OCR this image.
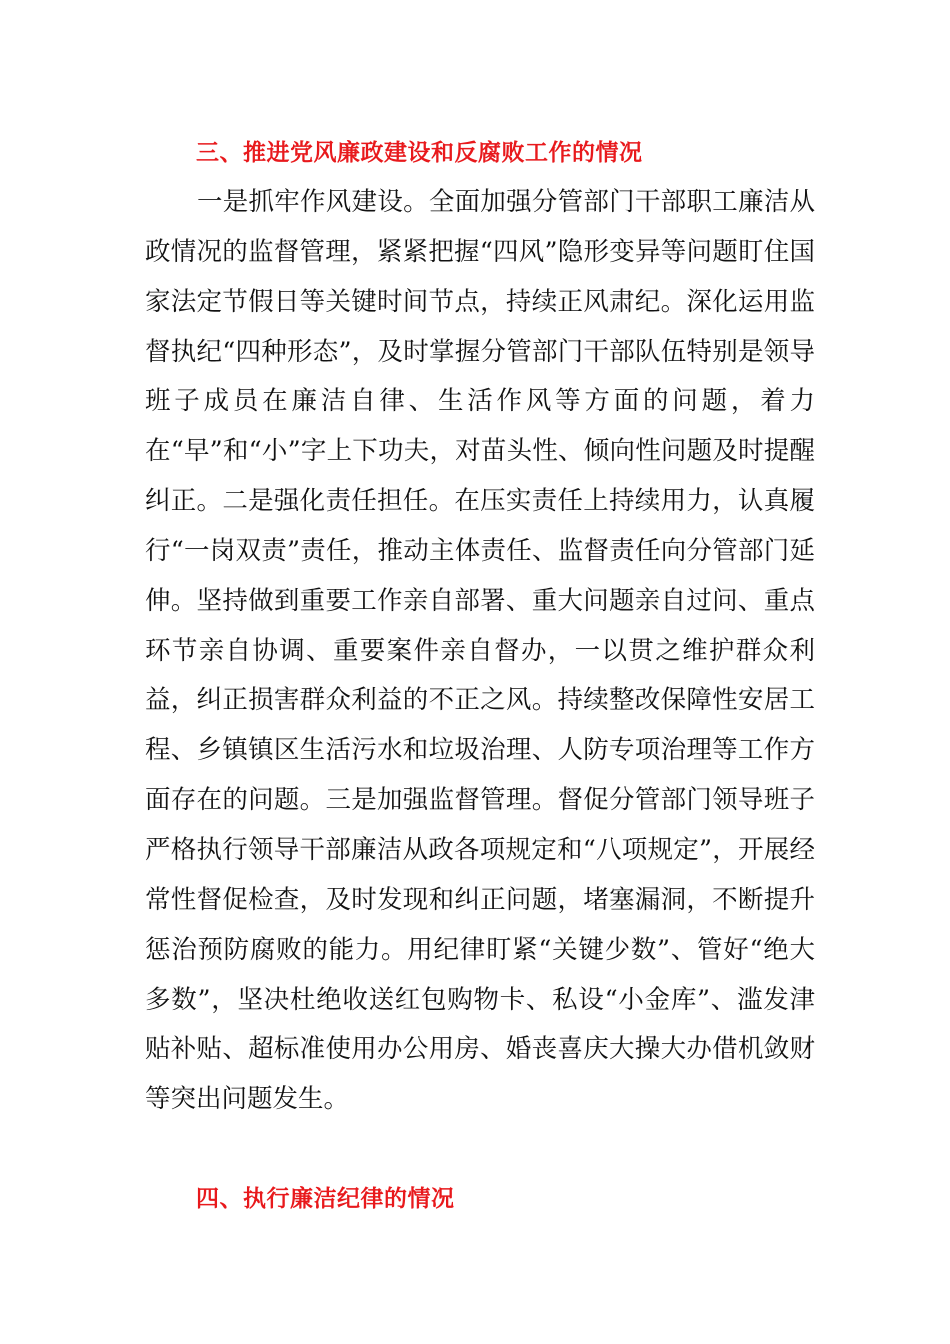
三、推进党风廉政建设和反腐败工作的情况

一是抓牢作风建设。全面加强分管部门干部职工廉洁从政情况的监督管理，紧紧把握“四风”隐形变异等问题盯住国家法定节假日等关键时间节点，持续正风肃纪。深化运用监督执纪“四种形态”，及时掌握分管部门干部队伍特别是领导班子成员在廉洁自律、生活作风等方面的问题，着力在“早”和“小”字上下功夫，对苗头性、倾向性问题及时提醒纠正。二是强化责任担任。在压实责任上持续用力，认真履行“一岗双责”责任，推动主体责任、监督责任向分管部门延伸。坚持做到重要工作亲自部署、重大问题亲自过问、重点环节亲自协调、重要案件亲自督办，一以贯之维护群众利益，纠正损害群众利益的不正之风。持续整改保障性安居工程、乡镇镇区生活污水和垃圾治理、人防专项治理等工作方面存在的问题。三是加强监督管理。督促分管部门领导班子严格执行领导干部廉洁从政各项规定和“八项规定”，开展经常性督促检查，及时发现和纠正问题，堵塞漏洞，不断提升惩治预防腐败的能力。用纪律盯紧“关键少数”、管好“绝大多数”，坚决杜绝收送红包购物卡、私设“小金库”、滥发津贴补贴、超标准使用办公用房、婚丧喜庆大操大办借机敛财等突出问题发生。

四、执行廉洁纪律的情况
